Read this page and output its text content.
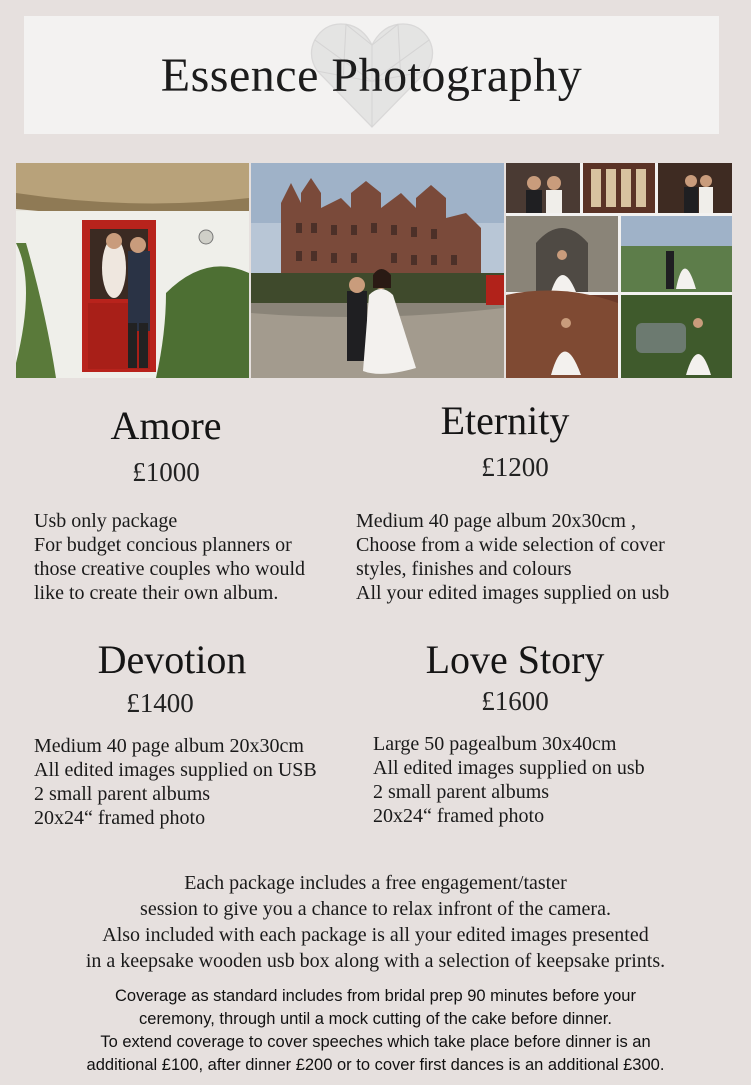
Essence Photography
Amore
£1000
Usb only package
For budget concious planners or
those creative couples who would
like to create their own album.
Eternity
£1200
Medium 40 page album 20x30cm ,
Choose from a wide selection of cover
styles, finishes and colours
All your edited images supplied on usb
Devotion
£1400
Medium 40 page album 20x30cm
All edited images supplied on USB
2 small parent albums
20x24“ framed photo
Love Story
£1600
Large 50 pagealbum 30x40cm
All edited images supplied on usb
2 small parent albums
20x24“ framed photo
Each package includes a free engagement/taster
session to give you a chance to relax infront of the camera.
Also included with each package is all your edited images presented
in a keepsake wooden usb box along with a selection of keepsake prints.
Coverage as standard includes from bridal prep 90 minutes before your
ceremony, through until a mock cutting of the cake before dinner.
To extend coverage to cover speeches which take place before dinner is an
additional £100, after dinner £200 or to cover first dances is an additional £300.
